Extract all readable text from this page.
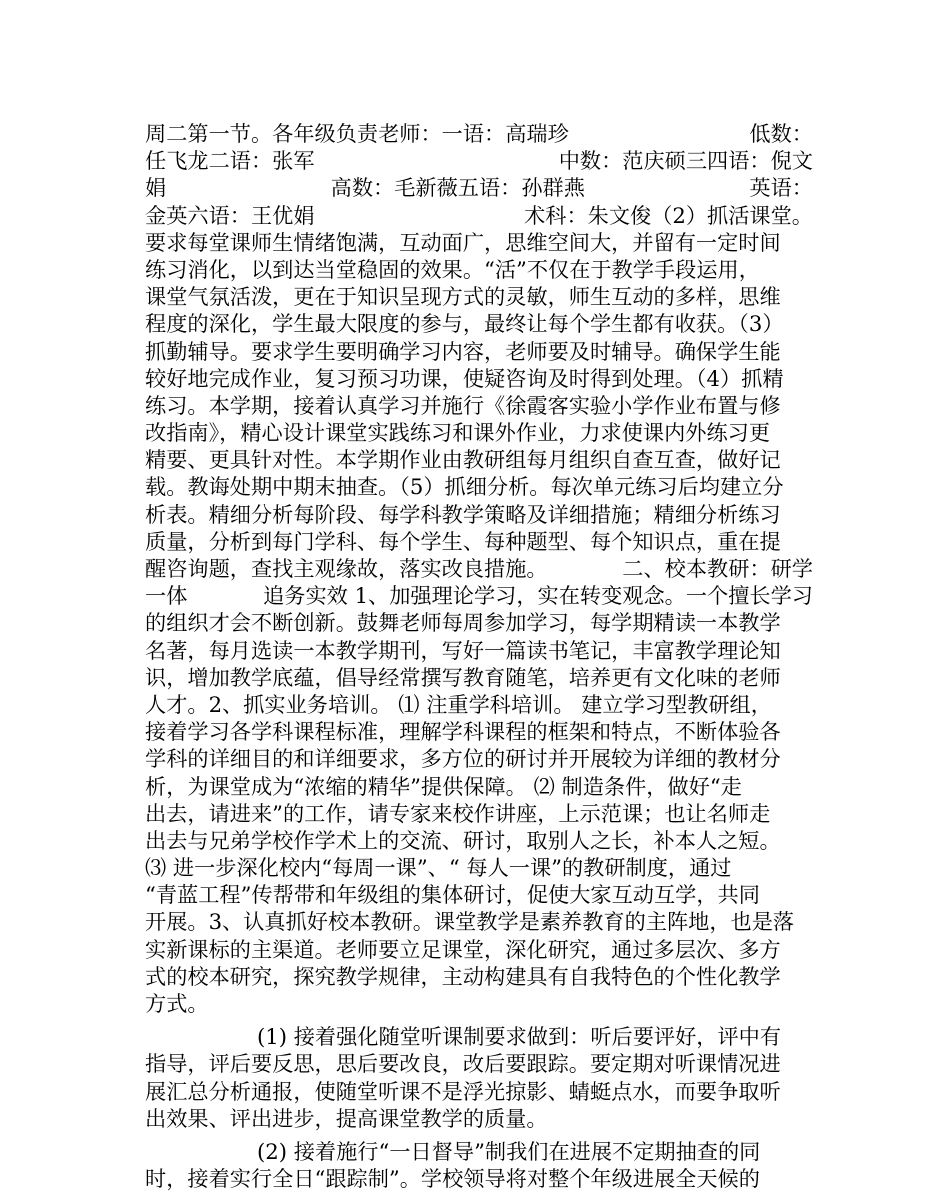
周二第一节。各年级负责老师：一语：高瑞珍	低数：
任飞龙二语：张军	中数：范庆硕三四语：倪文
娟	高数：毛新薇五语：孙群燕	英语：
金英六语：王优娟	术科：朱文俊（2）抓活课堂。
要求每堂课师生情绪饱满，互动面广，思维空间大，并留有一定时间
练习消化，以到达当堂稳固的效果。“活”不仅在于教学手段运用，
课堂气氛活泼，更在于知识呈现方式的灵敏，师生互动的多样，思维
程度的深化，学生最大限度的参与，最终让每个学生都有收获。（3）
抓勤辅导。要求学生要明确学习内容，老师要及时辅导。确保学生能
较好地完成作业，复习预习功课，使疑咨询及时得到处理。（4）抓精
练习。本学期，接着认真学习并施行《徐霞客实验小学作业布置与修
改指南》，精心设计课堂实践练习和课外作业，力求使课内外练习更
精要、更具针对性。本学期作业由教研组每月组织自查互查，做好记
载。教诲处期中期末抽查。（5）抓细分析。每次单元练习后均建立分
析表。精细分析每阶段、每学科教学策略及详细措施；精细分析练习
质量，分析到每门学科、每个学生、每种题型、每个知识点，重在提
醒咨询题，查找主观缘故，落实改良措施。	二、校本教研：研学
一体	追务实效 1、加强理论学习，实在转变观念。一个擅长学习
的组织才会不断创新。鼓舞老师每周参加学习，每学期精读一本教学
名著，每月选读一本教学期刊，写好一篇读书笔记，丰富教学理论知
识，增加教学底蕴，倡导经常撰写教育随笔，培养更有文化味的老师
人才。2、抓实业务培训。 ⑴ 注重学科培训。 建立学习型教研组，
接着学习各学科课程标准，理解学科课程的框架和特点，不断体验各
学科的详细目的和详细要求，多方位的研讨并开展较为详细的教材分
析，为课堂成为“浓缩的精华”提供保障。 ⑵ 制造条件，做好“走
出去，请进来”的工作，请专家来校作讲座，上示范课；也让名师走
出去与兄弟学校作学术上的交流、研讨，取别人之长，补本人之短。
⑶ 进一步深化校内“每周一课”、“ 每人一课”的教研制度，通过
“青蓝工程”传帮带和年级组的集体研讨，促使大家互动互学，共同
开展。3、认真抓好校本教研。课堂教学是素养教育的主阵地，也是落
实新课标的主渠道。老师要立足课堂，深化研究，通过多层次、多方
式的校本研究，探究教学规律，主动构建具有自我特色的个性化教学
方式。
(1) 接着强化随堂听课制要求做到：听后要评好，评中有
指导，评后要反思，思后要改良，改后要跟踪。要定期对听课情况进
展汇总分析通报，使随堂听课不是浮光掠影、蜻蜓点水，而要争取听
出效果、评出进步，提高课堂教学的质量。
(2) 接着施行“一日督导”制我们在进展不定期抽查的同
时，接着实行全日“跟踪制”。学校领导将对整个年级进展全天候的
